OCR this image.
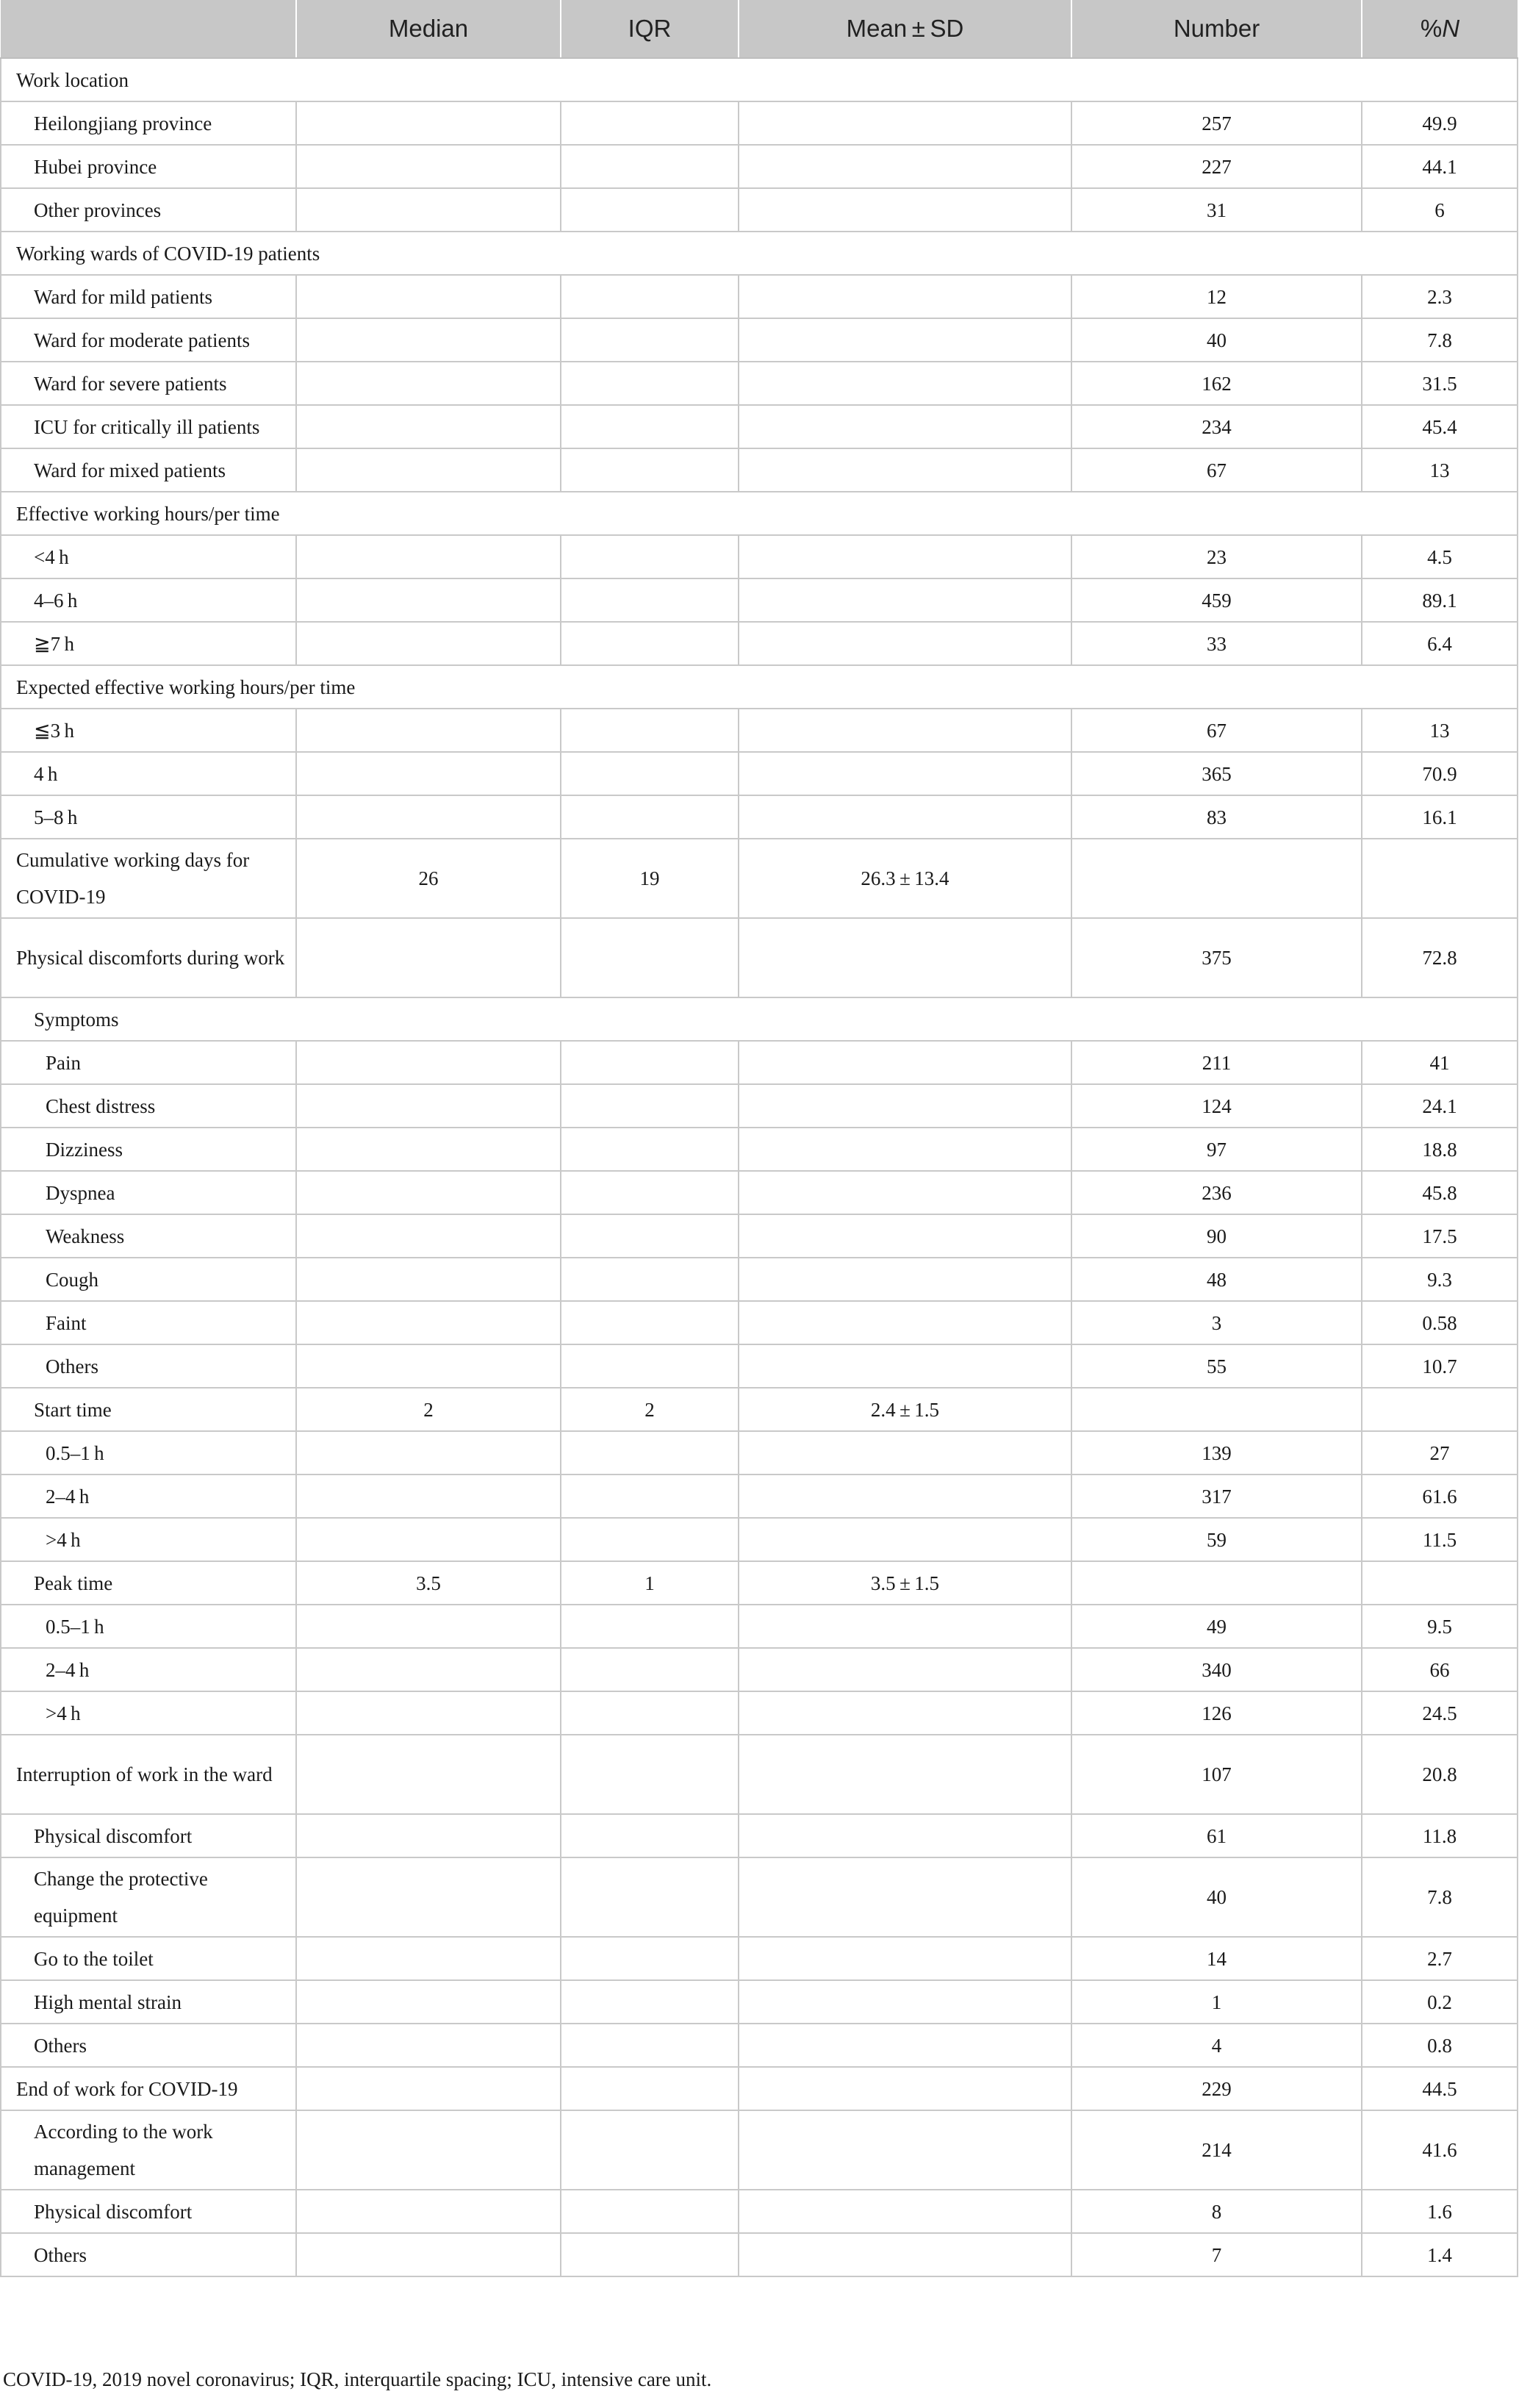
	Median	IQR	Mean ± SD	Number	%N
Work location					
Heilongjiang province				257	49.9
Hubei province				227	44.1
Other provinces				31	6
Working wards of COVID-19 patients					
Ward for mild patients				12	2.3
Ward for moderate patients				40	7.8
Ward for severe patients				162	31.5
ICU for critically ill patients				234	45.4
Ward for mixed patients				67	13
Effective working hours/per time					
<4 h				23	4.5
4–6 h				459	89.1
≧7 h				33	6.4
Expected effective working hours/per time					
≦3 h				67	13
4 h				365	70.9
5–8 h				83	16.1
Cumulative working days for COVID-19	26	19	26.3 ± 13.4		
Physical discomforts during work				375	72.8
Symptoms					
Pain				211	41
Chest distress				124	24.1
Dizziness				97	18.8
Dyspnea				236	45.8
Weakness				90	17.5
Cough				48	9.3
Faint				3	0.58
Others				55	10.7
Start time	2	2	2.4 ± 1.5		
0.5–1 h				139	27
2–4 h				317	61.6
>4 h				59	11.5
Peak time	3.5	1	3.5 ± 1.5		
0.5–1 h				49	9.5
2–4 h				340	66
>4 h				126	24.5
Interruption of work in the ward				107	20.8
Physical discomfort				61	11.8
Change the protective equipment				40	7.8
Go to the toilet				14	2.7
High mental strain				1	0.2
Others				4	0.8
End of work for COVID-19				229	44.5
According to the work management				214	41.6
Physical discomfort				8	1.6
Others				7	1.4
COVID-19, 2019 novel coronavirus; IQR, interquartile spacing; ICU, intensive care unit.
